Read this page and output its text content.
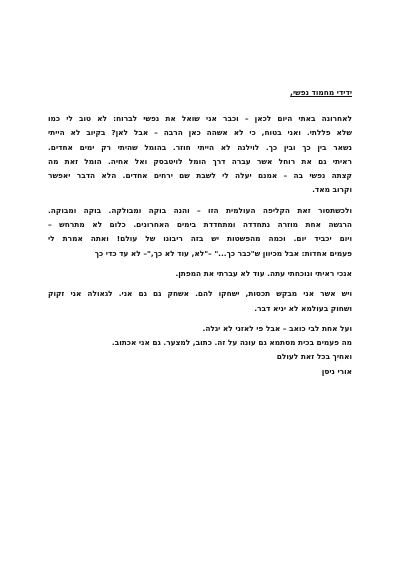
ידידי מחמוד נפשי,
לאחרונה באתי היום לכאן – וכבר אני שואל את נפשי לברוח: לא טוב לי כמו
שלא פללתי. ואני בטוח, כי לא אשהה כאן הרבה – אבל לאן? בקיוב לא הייתי
נשאר בין כך ובין כך. לוילנה לא הייתי חוזר. בהומל שהיתי רק ימים אחדים.
ראיתי גם את רוחל אשר עברה דרך הומל לויטבסק ואל אחיה. הומל זאת מה
קצתה נפשי בה – אמנם יעלה לי לשבת שם ירחים אחדים. הלא הדבר יאפשר
וקרוב מאד.
ולכשתסור זאת הקליפה העולמית הזו – והנה בוקה ומבולקה. בוקה ומבוקה.
הרגשה אחת מוזרה נתחדדה ומתחדדת בימים האחרונים. כלום לא מתרחש –
ויום יכביד יום. וכמה מהפשטות יש בזה ריבונו של עולם! ואתה אמרת לי
פעמים אחדות: אבל מכיוון ש"כבר כך..." –"לא, עוד לא כך,"– לא עד כדי כך
אנכי ראיתי ונוכחתי עתה. עוד לא עברתי את המפתן.
ויש אשר אני מבקש תכסות, ישחקו להם. אשחק גם גם אני. לגאולה אני זקוק
ושחוק בעולמא לא יניא דבר.
ועל אחת לבי כואב – אבל פי לאזני לא יגלה.
מה פעמים בכית מסתמא גם עונה על זה. כתוב, למצער. גם אני אכתוב.
ואחיך בכל זאת לעולם
אורי ניסן
